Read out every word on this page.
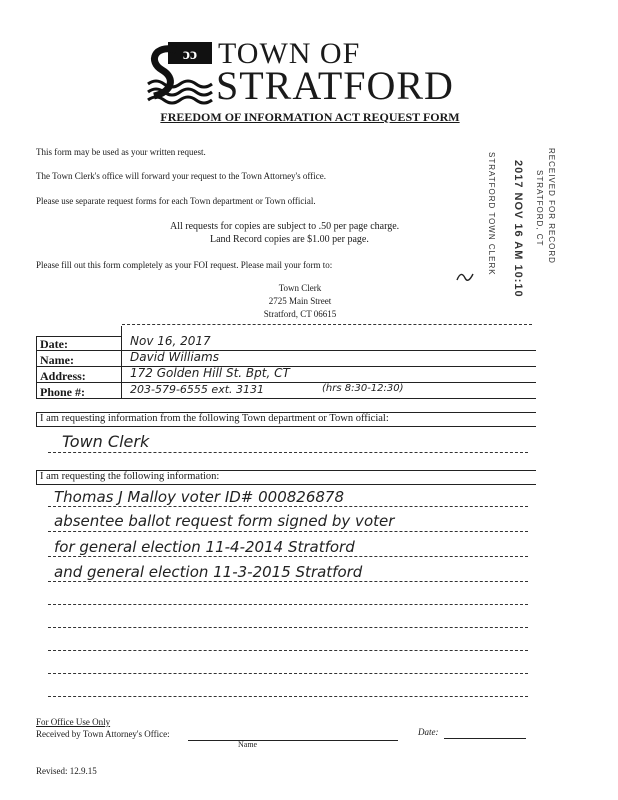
ɔɔ TOWN OF
STRATFORD
FREEDOM OF INFORMATION ACT REQUEST FORM
This form may be used as your written request.
The Town Clerk's office will forward your request to the Town Attorney's office.
Please use separate request forms for each Town department or Town official.
All requests for copies are subject to .50 per page charge.
Land Record copies are $1.00 per page.
Please fill out this form completely as your FOI request. Please mail your form to:
Town Clerk
2725 Main Street
Stratford, CT 06615
STRATFORD TOWN CLERK 2017 NOV 16 AM 10:10	RECEIVED FOR RECORD
STRATFORD, CT
Date:
Name:
Address:
Phone #:
Nov 16, 2017
David Williams
172 Golden Hill St. Bpt, CT
203-579-6555 ext. 3131	(hrs 8:30-12:30)
I am requesting information from the following Town department or Town official:
Town Clerk
I am requesting the following information:
Thomas J Malloy voter ID# 000826878
absentee ballot request form signed by voter
for general election 11-4-2014 Stratford
and general election 11-3-2015 Stratford
For Office Use Only
Received by Town Attorney's Office:
Name
Date:
Revised: 12.9.15
